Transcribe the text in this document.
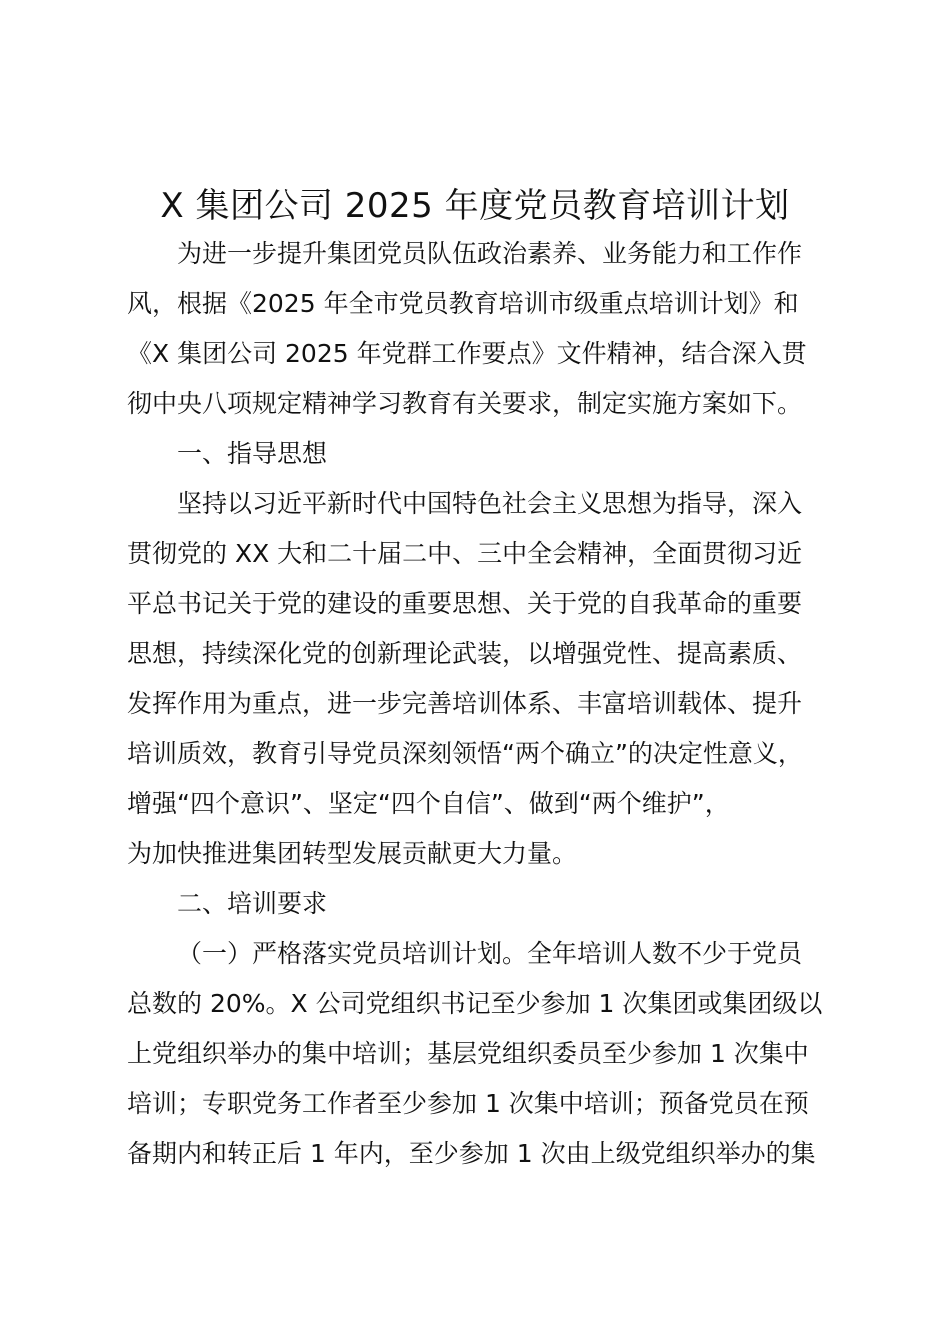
X 集团公司 2025 年度党员教育培训计划
为进一步提升集团党员队伍政治素养、业务能力和工作作
风，根据《2025 年全市党员教育培训市级重点培训计划》和
《X 集团公司 2025 年党群工作要点》文件精神，结合深入贯
彻中央八项规定精神学习教育有关要求，制定实施方案如下。
一、指导思想
坚持以习近平新时代中国特色社会主义思想为指导，深入
贯彻党的 XX 大和二十届二中、三中全会精神，全面贯彻习近
平总书记关于党的建设的重要思想、关于党的自我革命的重要
思想，持续深化党的创新理论武装，以增强党性、提高素质、
发挥作用为重点，进一步完善培训体系、丰富培训载体、提升
培训质效，教育引导党员深刻领悟“两个确立”的决定性意义，
增强“四个意识”、坚定“四个自信”、做到“两个维护”，
为加快推进集团转型发展贡献更大力量。
二、培训要求
（一）严格落实党员培训计划。全年培训人数不少于党员
总数的 20%。X 公司党组织书记至少参加 1 次集团或集团级以
上党组织举办的集中培训；基层党组织委员至少参加 1 次集中
培训；专职党务工作者至少参加 1 次集中培训；预备党员在预
备期内和转正后 1 年内，至少参加 1 次由上级党组织举办的集
